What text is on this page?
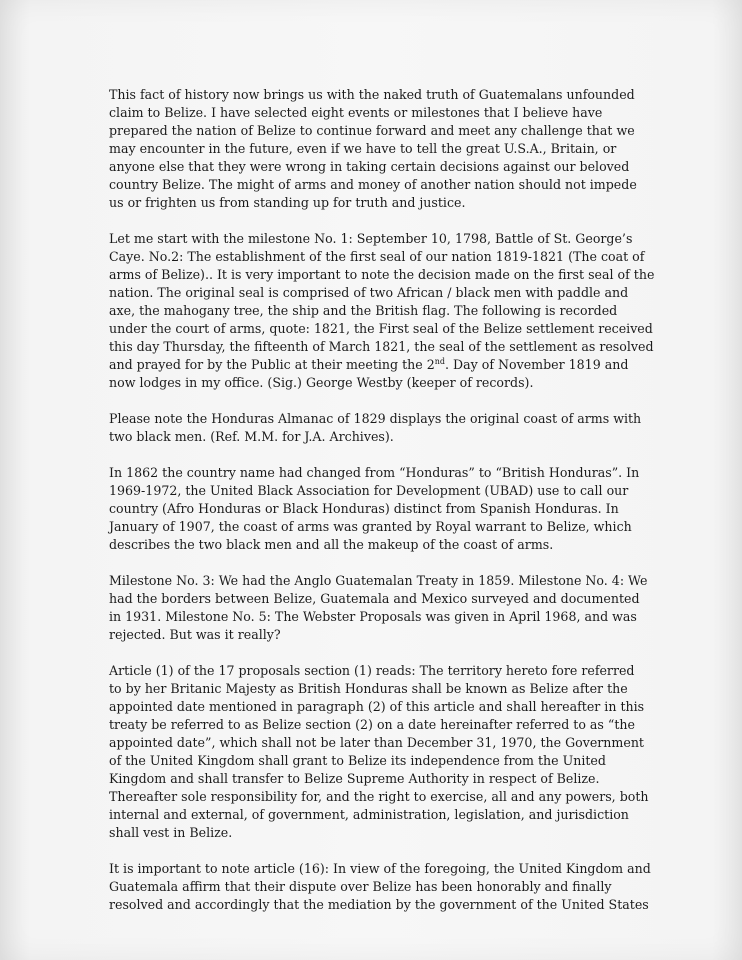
This fact of history now brings us with the naked truth of Guatemalans unfounded
claim to Belize. I have selected eight events or milestones that I believe have
prepared the nation of Belize to continue forward and meet any challenge that we
may encounter in the future, even if we have to tell the great U.S.A., Britain, or
anyone else that they were wrong in taking certain decisions against our beloved
country Belize. The might of arms and money of another nation should not impede
us or frighten us from standing up for truth and justice.
Let me start with the milestone No. 1: September 10, 1798, Battle of St. George’s
Caye. No.2: The establishment of the first seal of our nation 1819-1821 (The coat of
arms of Belize).. It is very important to note the decision made on the first seal of the
nation. The original seal is comprised of two African / black men with paddle and
axe, the mahogany tree, the ship and the British flag. The following is recorded
under the court of arms, quote: 1821, the First seal of the Belize settlement received
this day Thursday, the fifteenth of March 1821, the seal of the settlement as resolved
and prayed for by the Public at their meeting the 2nd. Day of November 1819 and
now lodges in my office. (Sig.) George Westby (keeper of records).
Please note the Honduras Almanac of 1829 displays the original coast of arms with
two black men. (Ref. M.M. for J.A. Archives).
In 1862 the country name had changed from “Honduras” to “British Honduras”. In
1969-1972, the United Black Association for Development (UBAD) use to call our
country (Afro Honduras or Black Honduras) distinct from Spanish Honduras. In
January of 1907, the coast of arms was granted by Royal warrant to Belize, which
describes the two black men and all the makeup of the coast of arms.
Milestone No. 3: We had the Anglo Guatemalan Treaty in 1859. Milestone No. 4: We
had the borders between Belize, Guatemala and Mexico surveyed and documented
in 1931. Milestone No. 5: The Webster Proposals was given in April 1968, and was
rejected. But was it really?
Article (1) of the 17 proposals section (1) reads: The territory hereto fore referred
to by her Britanic Majesty as British Honduras shall be known as Belize after the
appointed date mentioned in paragraph (2) of this article and shall hereafter in this
treaty be referred to as Belize section (2) on a date hereinafter referred to as “the
appointed date”, which shall not be later than December 31, 1970, the Government
of the United Kingdom shall grant to Belize its independence from the United
Kingdom and shall transfer to Belize Supreme Authority in respect of Belize.
Thereafter sole responsibility for, and the right to exercise, all and any powers, both
internal and external, of government, administration, legislation, and jurisdiction
shall vest in Belize.
It is important to note article (16): In view of the foregoing, the United Kingdom and
Guatemala affirm that their dispute over Belize has been honorably and finally
resolved and accordingly that the mediation by the government of the United States
